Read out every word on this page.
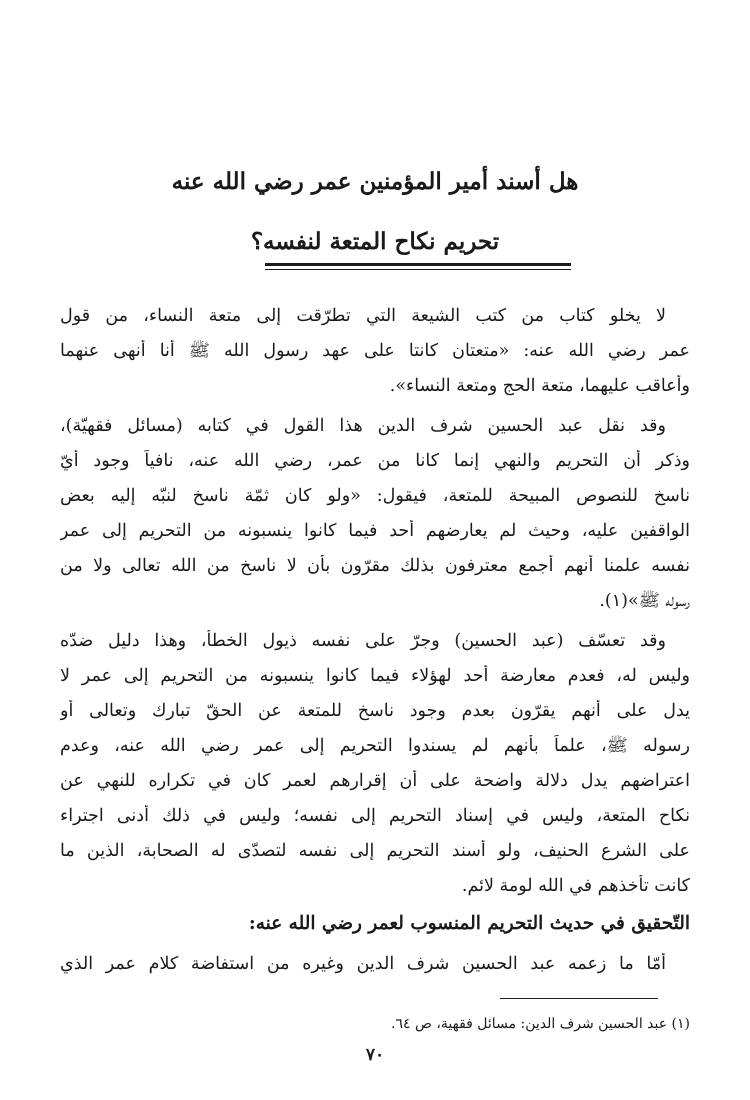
هل أسند أمير المؤمنين عمر رضي الله عنه
تحريم نكاح المتعة لنفسه؟
لا يخلو كتاب من كتب الشيعة التي تطرّقت إلى متعة النساء، من قول
عمر رضي الله عنه: «متعتان كانتا على عهد رسول الله ﷺ أنا أنهى عنهما
وأعاقب عليهما، متعة الحج ومتعة النساء».
وقد نقل عبد الحسين شرف الدين هذا القول في كتابه (مسائل فقهيّة)،
وذكر أن التحريم والنهي إنما كانا من عمر، رضي الله عنه، نافياً وجود أيّ
ناسخ للنصوص المبيحة للمتعة، فيقول: «ولو كان ثمّة ناسخ لنبّه إليه بعض
الواقفين عليه، وحيث لم يعارضهم أحد فيما كانوا ينسبونه من التحريم إلى عمر
نفسه علمنا أنهم أجمع معترفون بذلك مقرّون بأن لا ناسخ من الله تعالى ولا من
رسوله ﷺ»(١).
وقد تعسّف (عبد الحسين) وجرّ على نفسه ذيول الخطأ، وهذا دليل ضدّه
وليس له، فعدم معارضة أحد لهؤلاء فيما كانوا ينسبونه من التحريم إلى عمر لا
يدل على أنهم يقرّون بعدم وجود ناسخ للمتعة عن الحقّ تبارك وتعالى أو
رسوله ﷺ، علماً بأنهم لم يسندوا التحريم إلى عمر رضي الله عنه، وعدم
اعتراضهم يدل دلالة واضحة على أن إقرارهم لعمر كان في تكراره للنهي عن
نكاح المتعة، وليس في إسناد التحريم إلى نفسه؛ وليس في ذلك أدنى اجتراء
على الشرع الحنيف، ولو أسند التحريم إلى نفسه لتصدّى له الصحابة، الذين ما
كانت تأخذهم في الله لومة لائم.
التّحقيق في حديث التحريم المنسوب لعمر رضي الله عنه:
أمّا ما زعمه عبد الحسين شرف الدين وغيره من استفاضة كلام عمر الذي
(١) عبد الحسين شرف الدين: مسائل فقهية، ص ٦٤.
٧٠
